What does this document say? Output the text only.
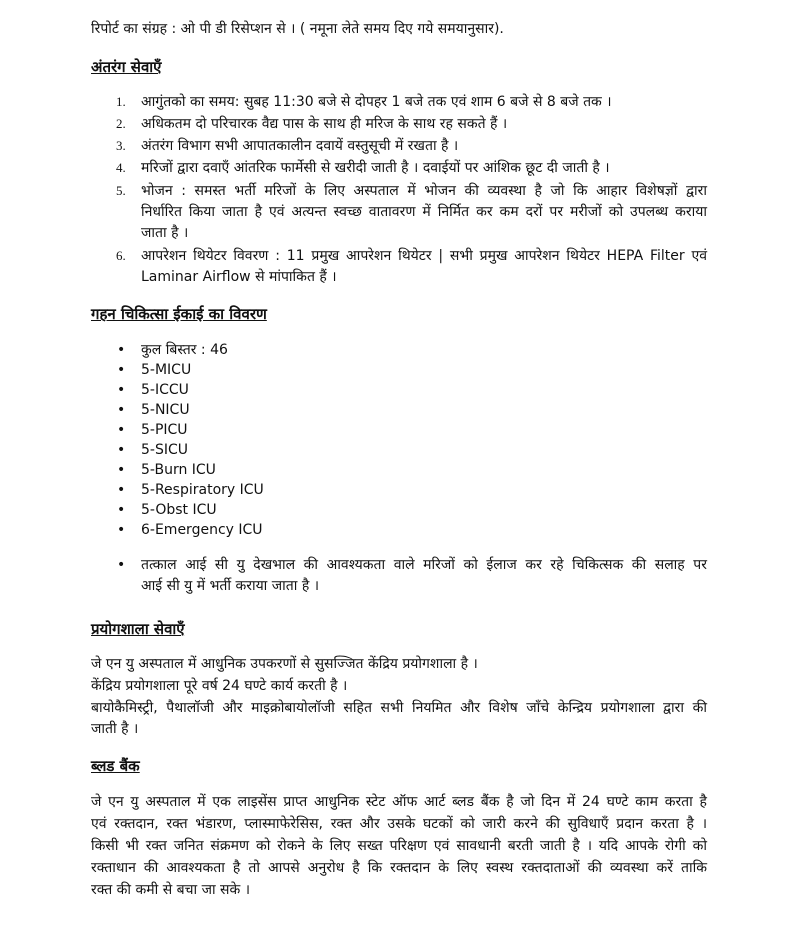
रिपोर्ट का संग्रह : ओ पी डी रिसेप्शन से । ( नमूना लेते समय दिए गये समयानुसार).
अंतरंग सेवाएँ
1. आगुंतको का समय: सुबह 11:30 बजे से दोपहर 1 बजे तक एवं शाम 6 बजे से 8 बजे तक ।
2. अधिकतम दो परिचारक वैद्य पास के साथ ही मरिज के साथ रह सकते हैं ।
3. अंतरंग विभाग सभी आपातकालीन दवायें वस्तुसूची में रखता है ।
4. मरिजों द्वारा दवाएँ आंतरिक फार्मेसी से खरीदी जाती है । दवाईयों पर आंशिक छूट दी जाती है ।
5. भोजन : समस्त भर्ती मरिजों के लिए अस्पताल में भोजन की व्यवस्था है जो कि आहार विशेषज्ञों द्वारा
निर्धारित किया जाता है एवं अत्यन्त स्वच्छ वातावरण में निर्मित कर कम दरों पर मरीजों को उपलब्ध कराया
जाता है ।
6. आपरेशन थियेटर विवरण : 11 प्रमुख आपरेशन थियेटर | सभी प्रमुख आपरेशन थियेटर HEPA Filter एवं
Laminar Airflow से मांपाकित हैं ।
गहन चिकित्सा ईकाई का विवरण
• कुल बिस्तर : 46
• 5-MICU
• 5-ICCU
• 5-NICU
• 5-PICU
• 5-SICU
• 5-Burn ICU
• 5-Respiratory ICU
• 5-Obst ICU
• 6-Emergency ICU
• तत्काल आई सी यु देखभाल की आवश्यकता वाले मरिजों को ईलाज कर रहे चिकित्सक की सलाह पर
आई सी यु में भर्ती कराया जाता है ।
प्रयोगशाला सेवाएँ
जे एन यु अस्पताल में आधुनिक उपकरणों से सुसज्जित केंद्रिय प्रयोगशाला है ।
केंद्रिय प्रयोगशाला पूरे वर्ष 24 घण्टे कार्य करती है ।
बायोकैमिस्ट्री, पैथालॉजी और माइक्रोबायोलॉजी सहित सभी नियमित और विशेष जाँचे केन्द्रिय प्रयोगशाला द्वारा की
जाती है ।
ब्लड बैंक
जे एन यु अस्पताल में एक लाइसेंस प्राप्त आधुनिक स्टेट ऑफ आर्ट ब्लड बैंक है जो दिन में 24 घण्टे काम करता है
एवं रक्तदान, रक्त भंडारण, प्लास्माफेरेसिस, रक्त और उसके घटकों को जारी करने की सुविधाएँ प्रदान करता है ।
किसी भी रक्त जनित संक्रमण को रोकने के लिए सख्त परिक्षण एवं सावधानी बरती जाती है । यदि आपके रोगी को
रक्ताधान की आवश्यकता है तो आपसे अनुरोध है कि रक्तदान के लिए स्वस्थ रक्तदाताओं की व्यवस्था करें ताकि
रक्त की कमी से बचा जा सके ।
